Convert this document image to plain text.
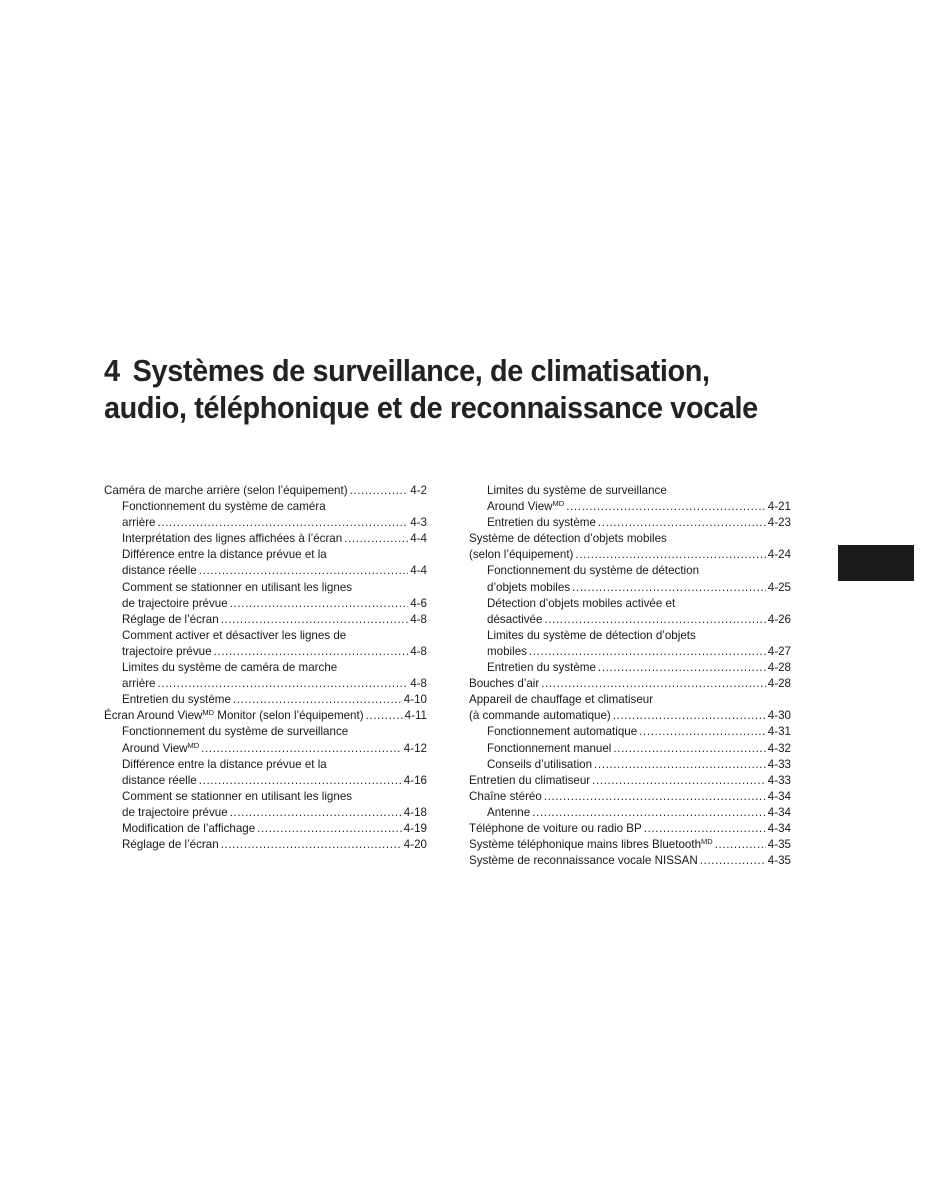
4 Systèmes de surveillance, de climatisation,
audio, téléphonique et de reconnaissance vocale
Caméra de marche arrière (selon l’équipement) . . .	4-2
Fonctionnement du système de caméra
arrière . . .	4-3
Interprétation des lignes affichées à l’écran . . .	4-4
Différence entre la distance prévue et la
distance réelle . . .	4-4
Comment se stationner en utilisant les lignes
de trajectoire prévue . . .	4-6
Réglage de l’écran . . .	4-8
Comment activer et désactiver les lignes de
trajectoire prévue . . .	4-8
Limites du système de caméra de marche
arrière . . .	4-8
Entretien du système . . .	4-10
Écran Around View$^{MD}$ Monitor (selon l’équipement) . . .	4-11
Fonctionnement du système de surveillance
Around View$^{MD}$ . . .	4-12
Différence entre la distance prévue et la
distance réelle . . .	4-16
Comment se stationner en utilisant les lignes
de trajectoire prévue . . .	4-18
Modification de l’affichage . . .	4-19
Réglage de l’écran . . .	4-20
Limites du système de surveillance
Around View$^{MD}$ . . .	4-21
Entretien du système . . .	4-23
Système de détection d’objets mobiles
(selon l’équipement) . . .	4-24
Fonctionnement du système de détection
d’objets mobiles . . .	4-25
Détection d’objets mobiles activée et
désactivée . . .	4-26
Limites du système de détection d’objets
mobiles . . .	4-27
Entretien du système . . .	4-28
Bouches d’air . . .	4-28
Appareil de chauffage et climatiseur
(à commande automatique) . . .	4-30
Fonctionnement automatique . . .	4-31
Fonctionnement manuel . . .	4-32
Conseils d’utilisation . . .	4-33
Entretien du climatiseur . . .	4-33
Chaîne stéréo . . .	4-34
Antenne . . .	4-34
Téléphone de voiture ou radio BP . . .	4-34
Système téléphonique mains libres Bluetooth$^{MD}$ . . .	4-35
Système de reconnaissance vocale NISSAN . . .	4-35
